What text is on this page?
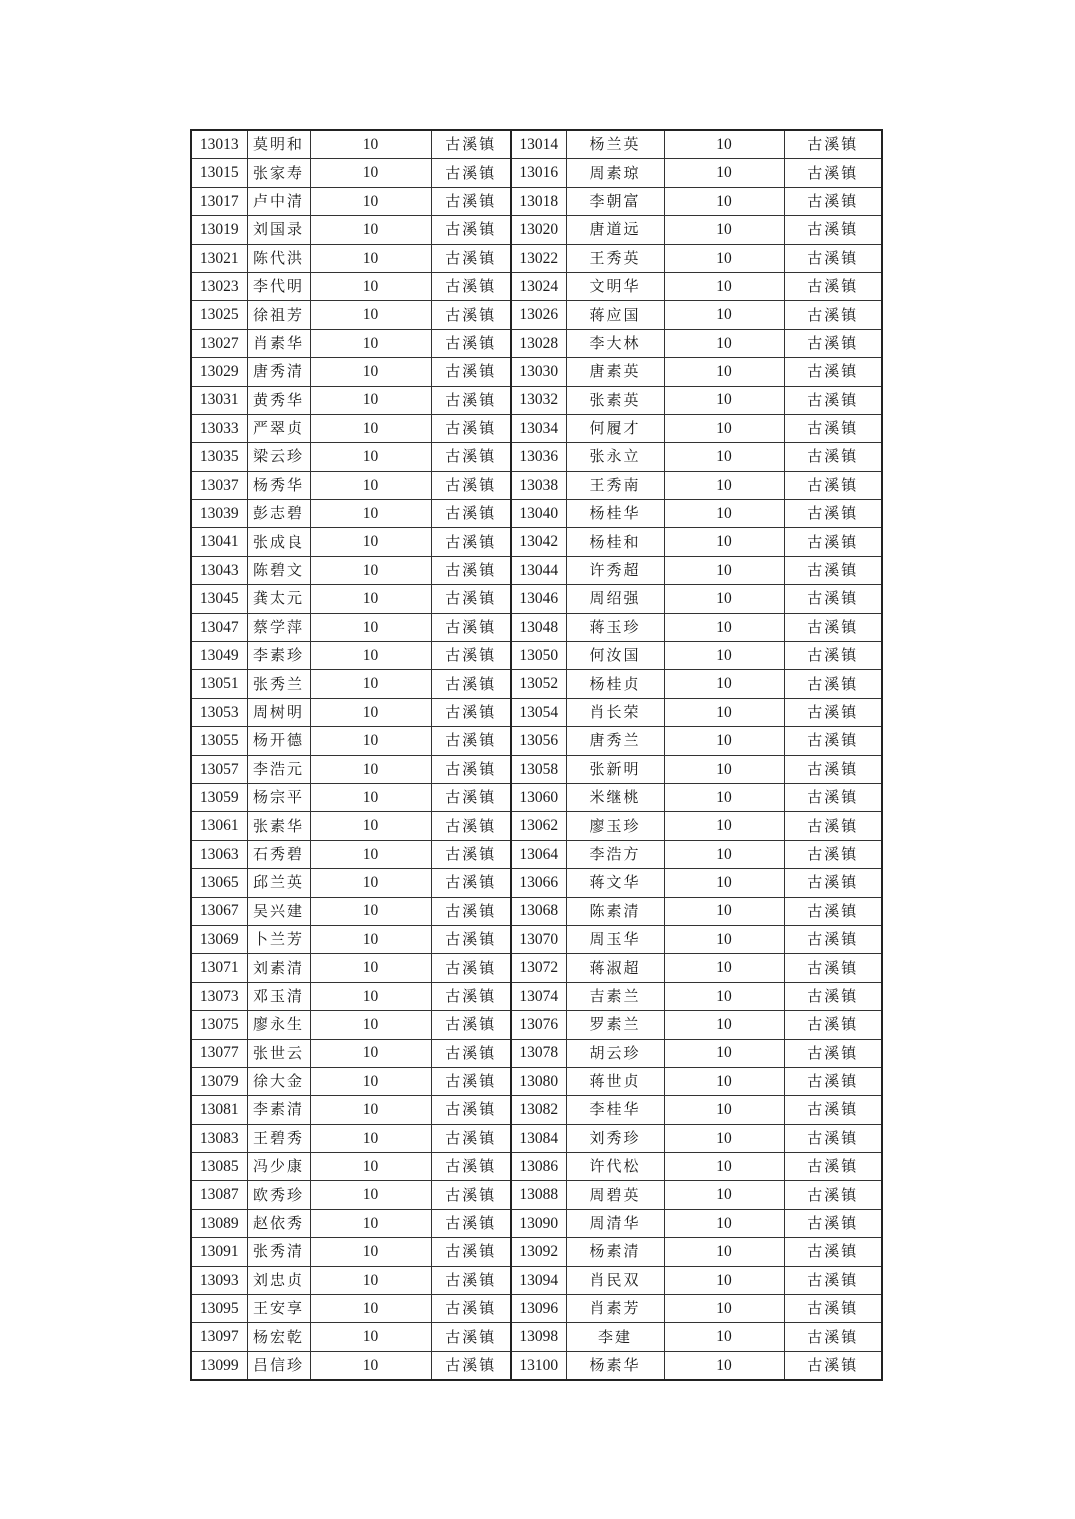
13013	莫明和	10	古溪镇	13014	杨兰英	10	古溪镇
13015	张家寿	10	古溪镇	13016	周素琼	10	古溪镇
13017	卢中清	10	古溪镇	13018	李朝富	10	古溪镇
13019	刘国录	10	古溪镇	13020	唐道远	10	古溪镇
13021	陈代洪	10	古溪镇	13022	王秀英	10	古溪镇
13023	李代明	10	古溪镇	13024	文明华	10	古溪镇
13025	徐祖芳	10	古溪镇	13026	蒋应国	10	古溪镇
13027	肖素华	10	古溪镇	13028	李大林	10	古溪镇
13029	唐秀清	10	古溪镇	13030	唐素英	10	古溪镇
13031	黄秀华	10	古溪镇	13032	张素英	10	古溪镇
13033	严翠贞	10	古溪镇	13034	何履才	10	古溪镇
13035	梁云珍	10	古溪镇	13036	张永立	10	古溪镇
13037	杨秀华	10	古溪镇	13038	王秀南	10	古溪镇
13039	彭志碧	10	古溪镇	13040	杨桂华	10	古溪镇
13041	张成良	10	古溪镇	13042	杨桂和	10	古溪镇
13043	陈碧文	10	古溪镇	13044	许秀超	10	古溪镇
13045	龚太元	10	古溪镇	13046	周绍强	10	古溪镇
13047	蔡学萍	10	古溪镇	13048	蒋玉珍	10	古溪镇
13049	李素珍	10	古溪镇	13050	何汝国	10	古溪镇
13051	张秀兰	10	古溪镇	13052	杨桂贞	10	古溪镇
13053	周树明	10	古溪镇	13054	肖长荣	10	古溪镇
13055	杨开德	10	古溪镇	13056	唐秀兰	10	古溪镇
13057	李浩元	10	古溪镇	13058	张新明	10	古溪镇
13059	杨宗平	10	古溪镇	13060	米继桃	10	古溪镇
13061	张素华	10	古溪镇	13062	廖玉珍	10	古溪镇
13063	石秀碧	10	古溪镇	13064	李浩方	10	古溪镇
13065	邱兰英	10	古溪镇	13066	蒋文华	10	古溪镇
13067	吴兴建	10	古溪镇	13068	陈素清	10	古溪镇
13069	卜兰芳	10	古溪镇	13070	周玉华	10	古溪镇
13071	刘素清	10	古溪镇	13072	蒋淑超	10	古溪镇
13073	邓玉清	10	古溪镇	13074	吉素兰	10	古溪镇
13075	廖永生	10	古溪镇	13076	罗素兰	10	古溪镇
13077	张世云	10	古溪镇	13078	胡云珍	10	古溪镇
13079	徐大金	10	古溪镇	13080	蒋世贞	10	古溪镇
13081	李素清	10	古溪镇	13082	李桂华	10	古溪镇
13083	王碧秀	10	古溪镇	13084	刘秀珍	10	古溪镇
13085	冯少康	10	古溪镇	13086	许代松	10	古溪镇
13087	欧秀珍	10	古溪镇	13088	周碧英	10	古溪镇
13089	赵依秀	10	古溪镇	13090	周清华	10	古溪镇
13091	张秀清	10	古溪镇	13092	杨素清	10	古溪镇
13093	刘忠贞	10	古溪镇	13094	肖民双	10	古溪镇
13095	王安享	10	古溪镇	13096	肖素芳	10	古溪镇
13097	杨宏乾	10	古溪镇	13098	李建	10	古溪镇
13099	吕信珍	10	古溪镇	13100	杨素华	10	古溪镇
